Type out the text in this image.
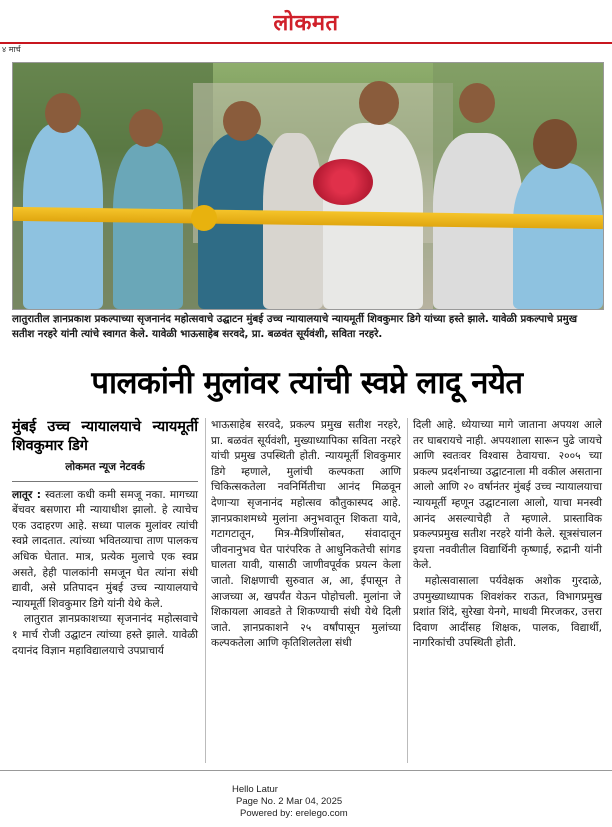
लोकमत
४ मार्च
लातुरातील ज्ञानप्रकाश प्रकल्पाच्या सृजनानंद महोत्सवाचे उद्घाटन मुंबई उच्च न्यायालयाचे न्यायमूर्ती शिवकुमार डिगे यांच्या हस्ते झाले. यावेळी प्रकल्पाचे प्रमुख सतीश नरहरे यांनी त्यांचे स्वागत केले. यावेळी भाऊसाहेब सरवदे, प्रा. बळवंत सूर्यवंशी, सविता नरहरे.
पालकांनी मुलांवर त्यांची स्वप्ने लादू नयेत

मुंबई उच्च न्यायालयाचे न्यायमूर्ती शिवकुमार डिगे

लोकमत न्यूज नेटवर्क

लातूर : स्वतःला कधी कमी समजू नका. मागच्या बेंचवर बसणारा मी न्यायाधीश झालो. हे त्याचेच एक उदाहरण आहे. सध्या पालक मुलांवर त्यांची स्वप्ने लादतात. त्यांच्या भवितव्याचा ताण पालकच अधिक घेतात. मात्र, प्रत्येक मुलाचे एक स्वप्न असते, हेही पालकांनी समजून घेत त्यांना संधी द्यावी, असे प्रतिपादन मुंबई उच्च न्यायालयाचे न्यायमूर्ती शिवकुमार डिगे यांनी येथे केले.

लातुरात ज्ञानप्रकाशच्या सृजनानंद महोत्सवाचे १ मार्च रोजी उद्घाटन त्यांच्या हस्ते झाले. यावेळी दयानंद विज्ञान महाविद्यालयाचे उपप्राचार्य

भाऊसाहेब सरवदे, प्रकल्प प्रमुख सतीश नरहरे, प्रा. बळवंत सूर्यवंशी, मुख्याध्यापिका सविता नरहरे यांची प्रमुख उपस्थिती होती. न्यायमूर्ती शिवकुमार डिगे म्हणाले, मुलांची कल्पकता आणि चिकित्सकतेला नवनिर्मितीचा आनंद मिळवून देणाऱ्या सृजनानंद महोत्सव कौतुकास्पद आहे. ज्ञानप्रकाशमध्ये मुलांना अनुभवातून शिकता यावे, गटागटातून, मित्र-मैत्रिणींसोबत, संवादातून जीवनानुभव घेत पारंपरिक ते आधुनिकतेची सांगड घालता यावी, यासाठी जाणीवपूर्वक प्रयत्न केला जातो. शिक्षणाची सुरुवात अ, आ, ईपासून ते आजच्या अ, खपर्यंत येऊन पोहोचली. मुलांना जे शिकायला आवडते ते शिकण्याची संधी येथे दिली जाते. ज्ञानप्रकाशने २५ वर्षांपासून मुलांच्या कल्पकतेला आणि कृतिशिलतेला संधी

दिली आहे. ध्येयाच्या मागे जाताना अपयश आले तर घाबरायचे नाही. अपयशाला सारून पुढे जायचे आणि स्वतःवर विश्वास ठेवायचा. २००५ च्या प्रकल्प प्रदर्शनाच्या उद्घाटनाला मी वकील असताना आलो आणि २० वर्षानंतर मुंबई उच्च न्यायालयाचा न्यायमूर्ती म्हणून उद्घाटनाला आलो, याचा मनस्वी आनंद असल्याचेही ते म्हणाले. प्रास्ताविक प्रकल्पप्रमुख सतीश नरहरे यांनी केले. सूत्रसंचालन इयत्ता नववीतील विद्यार्थिनी कृष्णाई, रुद्रानी यांनी केले.

महोत्सवासाला पर्यवेक्षक अशोक गुरदाळे, उपमुख्याध्यापक शिवशंकर राऊत, विभागप्रमुख प्रशांत शिंदे, सुरेखा येनगे, माधवी मिरजकर, उत्तरा दिवाण आदींसह शिक्षक, पालक, विद्यार्थी, नागरिकांची उपस्थिती होती.

Hello Latur
Page No. 2 Mar 04, 2025
Powered by: erelego.com
